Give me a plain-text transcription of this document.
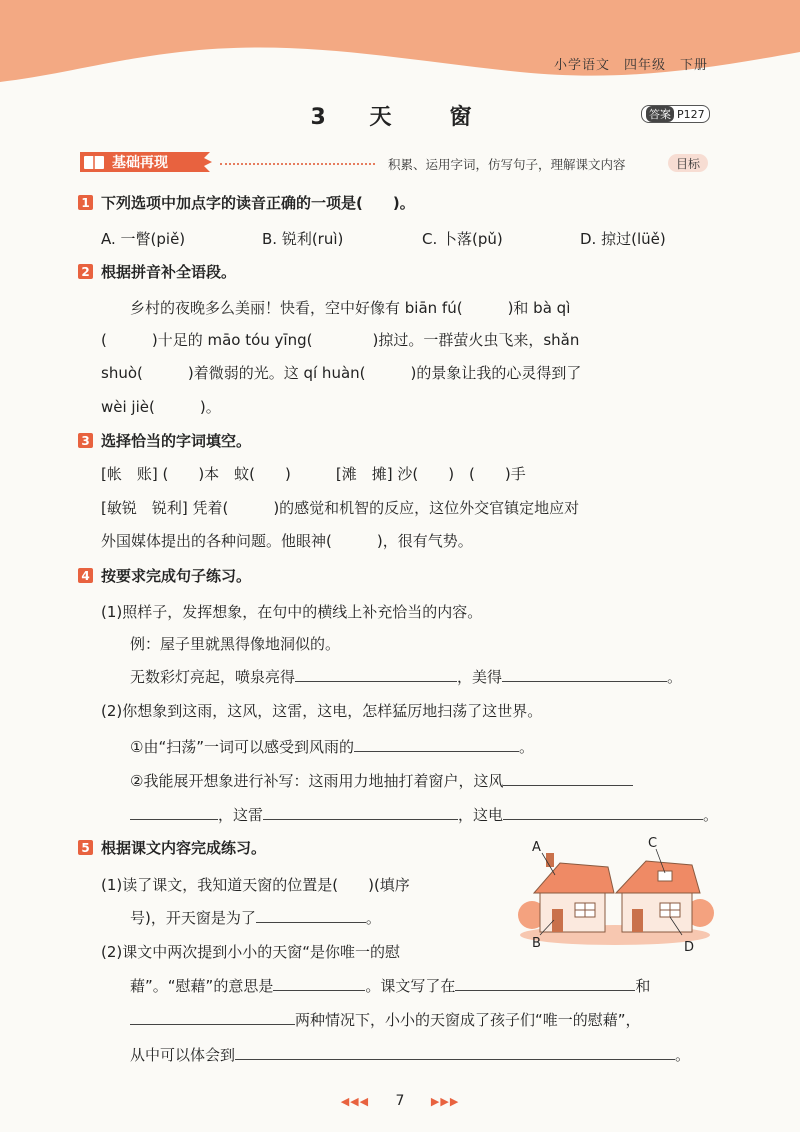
小学语文　四年级　下册
3 天　窗	答案 P127
基础再现	积累、运用字词，仿写句子，理解课文内容	目标
1 下列选项中加点字的读音正确的一项是(　　)。
A. 一瞥(piě)	B. 锐利(ruì)	C. 卜落(pǔ)	D. 掠过(lüě)
2 根据拼音补全语段。
乡村的夜晚多么美丽！快看，空中好像有 biān fú(　　　)和 bà qì
(　　　)十足的 māo tóu yīng(　　　　)掠过。一群萤火虫飞来，shǎn
shuò(　　　)着微弱的光。这 qí huàn(　　　)的景象让我的心灵得到了
wèi jiè(　　　)。
3 选择恰当的字词填空。
[帐　账] (　　)本　蚊(　　)　　　[滩　摊] 沙(　　)　(　　)手
[敏锐　锐利] 凭着(　　　)的感觉和机智的反应，这位外交官镇定地应对
外国媒体提出的各种问题。他眼神(　　　)，很有气势。
4 按要求完成句子练习。
(1)照样子，发挥想象，在句中的横线上补充恰当的内容。
例：屋子里就黑得像地洞似的。
无数彩灯亮起，喷泉亮得	，美得	。
(2)你想象到这雨，这风，这雷，这电，怎样猛厉地扫荡了这世界。
①由“扫荡”一词可以感受到风雨的	。
②我能展开想象进行补写：这雨用力地抽打着窗户，这风
，这雷	，这电	。
5 根据课文内容完成练习。
(1)读了课文，我知道天窗的位置是(　　)(填序
号)，开天窗是为了	。
(2)课文中两次提到小小的天窗“是你唯一的慰
藉”。“慰藉”的意思是	。课文写了在	和
两种情况下，小小的天窗成了孩子们“唯一的慰藉”，
从中可以体会到	。
A
B
C
D
◀◀◀ 7 ▶▶▶
